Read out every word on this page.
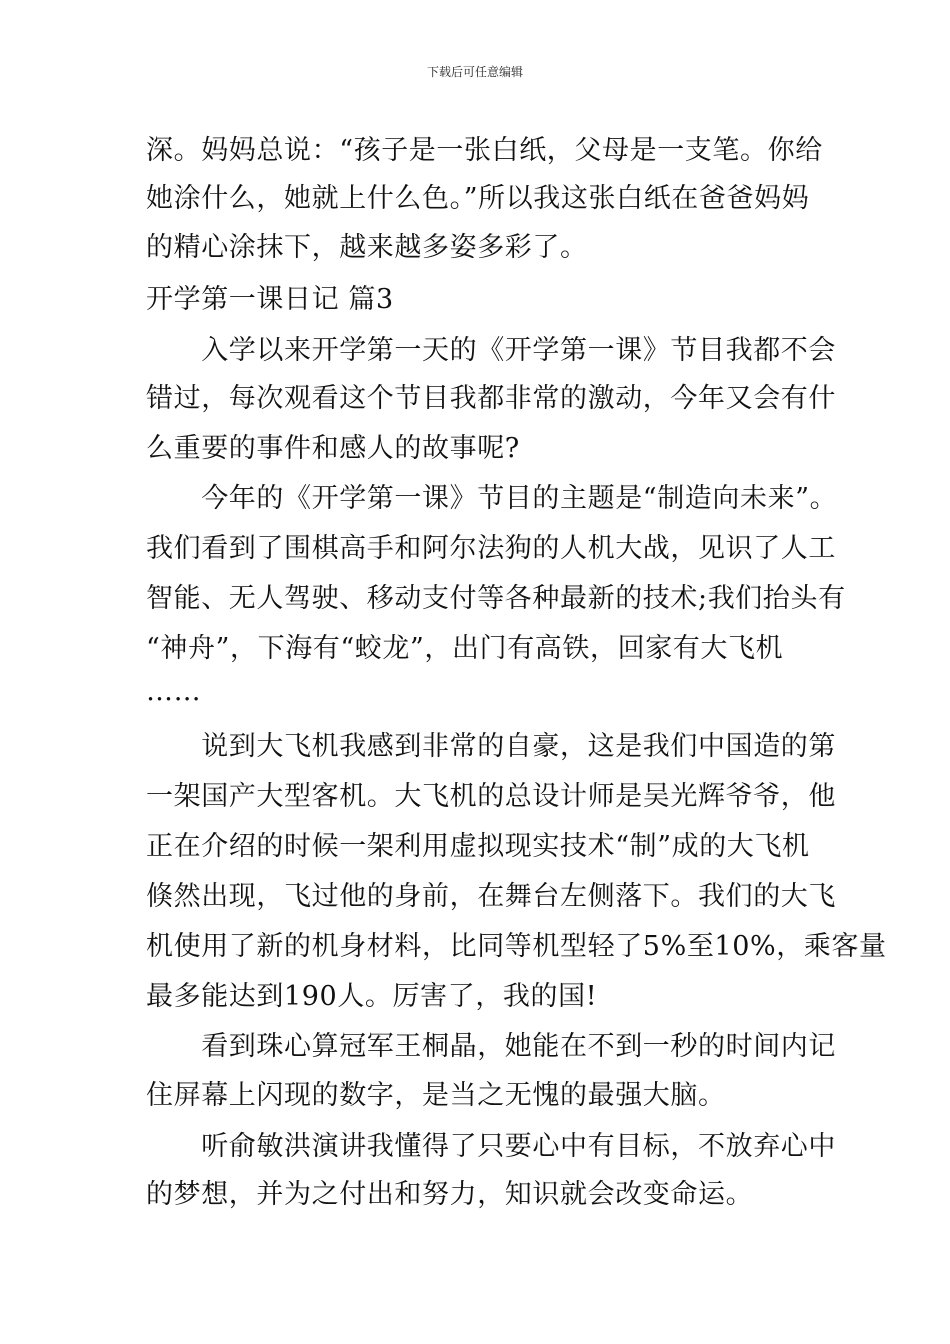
下载后可任意编辑
深。妈妈总说：“孩子是一张白纸，父母是一支笔。你给
她涂什么，她就上什么色。”所以我这张白纸在爸爸妈妈
的精心涂抹下，越来越多姿多彩了。
开学第一课日记 篇3
　　入学以来开学第一天的《开学第一课》节目我都不会
错过，每次观看这个节目我都非常的激动，今年又会有什
么重要的事件和感人的故事呢?
　　今年的《开学第一课》节目的主题是“制造向未来”。
我们看到了围棋高手和阿尔法狗的人机大战，见识了人工
智能、无人驾驶、移动支付等各种最新的技术;我们抬头有
“神舟”，下海有“蛟龙”，出门有高铁，回家有大飞机
……
　　说到大飞机我感到非常的自豪，这是我们中国造的第
一架国产大型客机。大飞机的总设计师是吴光辉爷爷，他
正在介绍的时候一架利用虚拟现实技术“制”成的大飞机
倏然出现，飞过他的身前，在舞台左侧落下。我们的大飞
机使用了新的机身材料，比同等机型轻了5%至10%，乘客量
最多能达到190人。厉害了，我的国!
　　看到珠心算冠军王桐晶，她能在不到一秒的时间内记
住屏幕上闪现的数字，是当之无愧的最强大脑。
　　听俞敏洪演讲我懂得了只要心中有目标，不放弃心中
的梦想，并为之付出和努力，知识就会改变命运。
